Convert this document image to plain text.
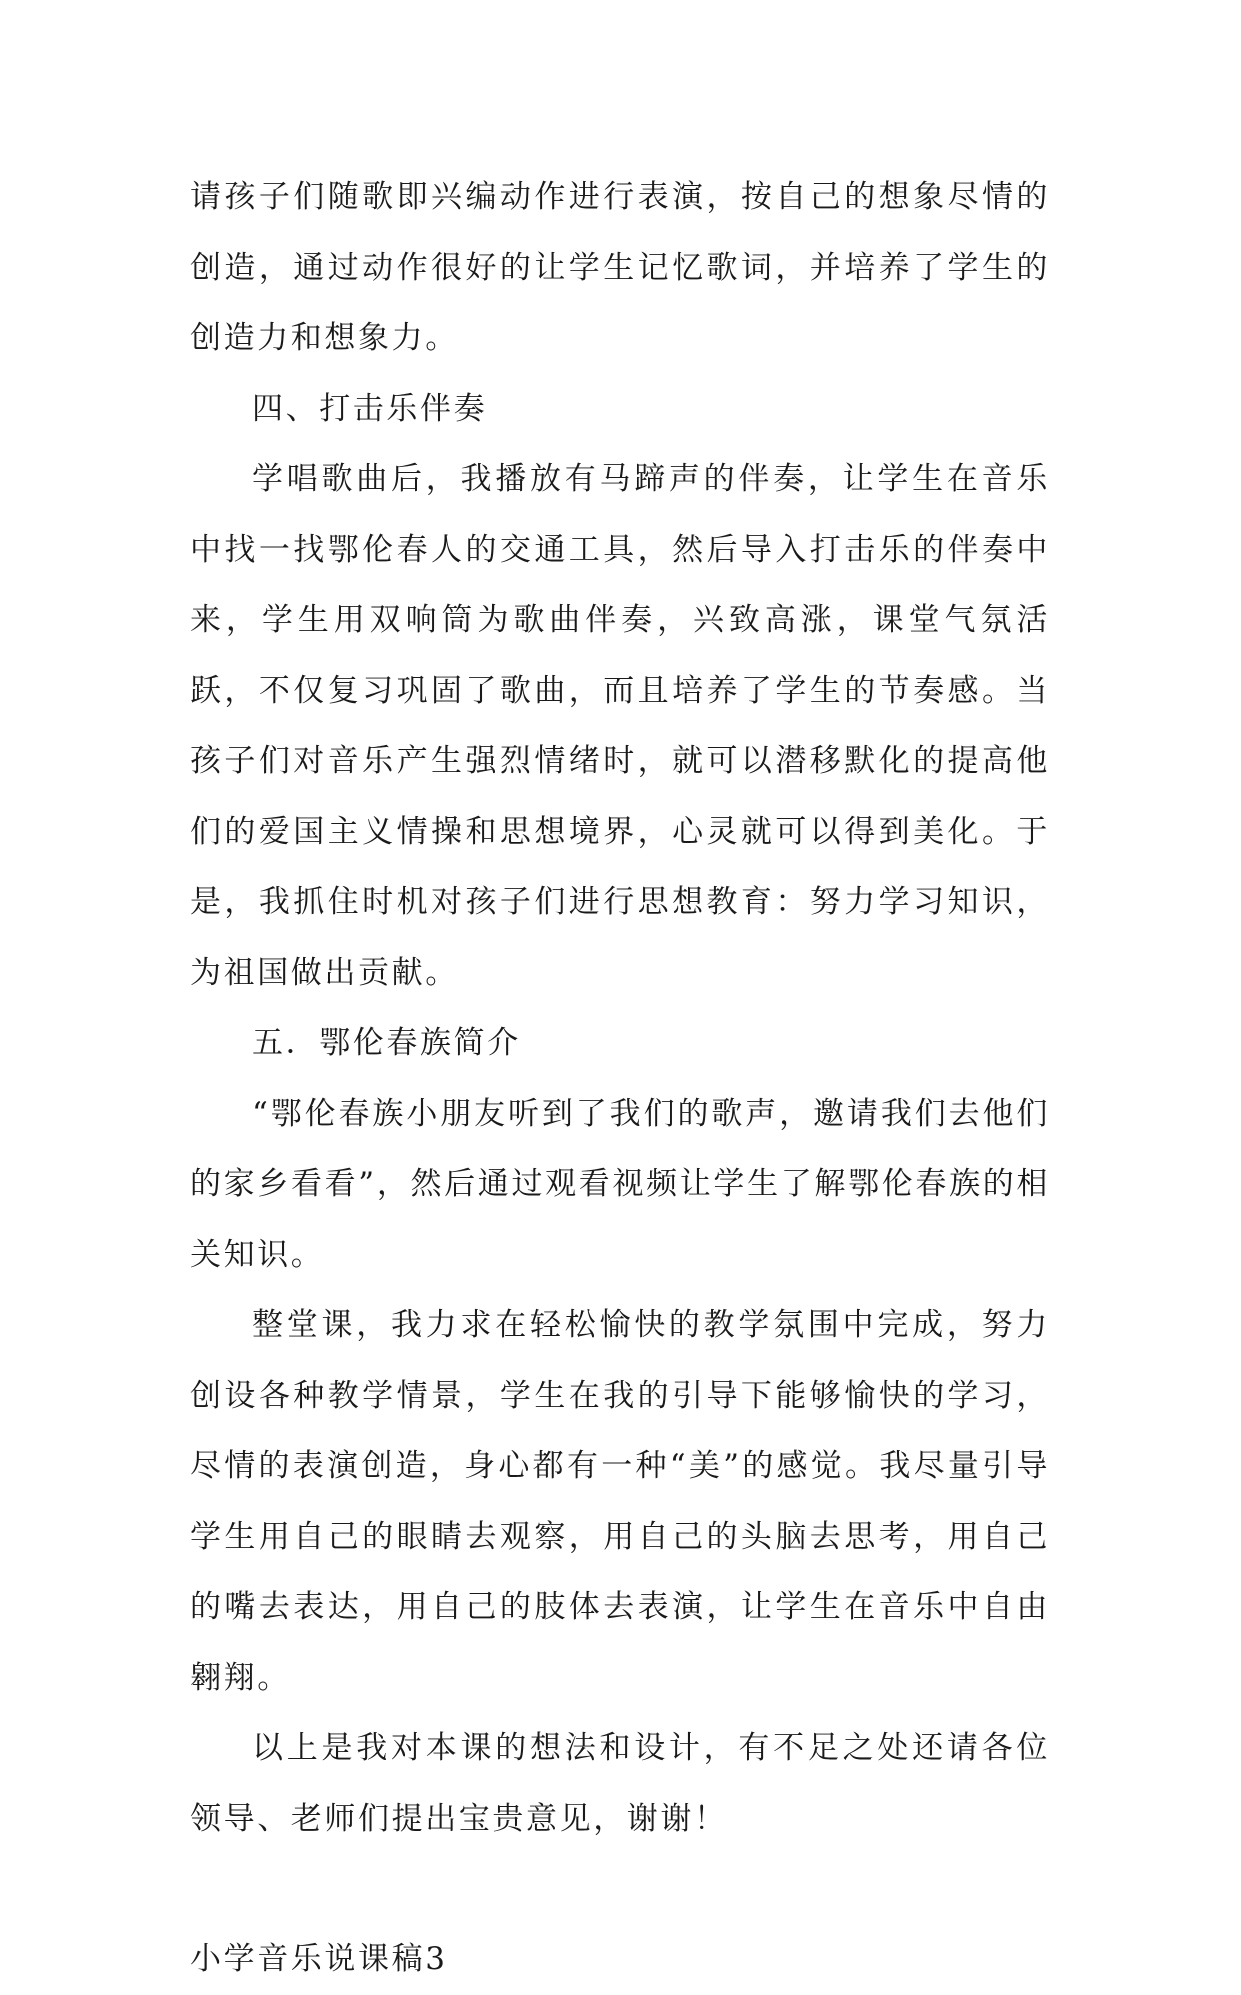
请孩子们随歌即兴编动作进行表演，按自己的想象尽情的创造，通过动作很好的让学生记忆歌词，并培养了学生的创造力和想象力。

四、打击乐伴奏

学唱歌曲后，我播放有马蹄声的伴奏，让学生在音乐中找一找鄂伦春人的交通工具，然后导入打击乐的伴奏中来，学生用双响筒为歌曲伴奏，兴致高涨，课堂气氛活跃，不仅复习巩固了歌曲，而且培养了学生的节奏感。当孩子们对音乐产生强烈情绪时，就可以潜移默化的提高他们的爱国主义情操和思想境界，心灵就可以得到美化。于是，我抓住时机对孩子们进行思想教育：努力学习知识，为祖国做出贡献。

五．鄂伦春族简介

“鄂伦春族小朋友听到了我们的歌声，邀请我们去他们的家乡看看”，然后通过观看视频让学生了解鄂伦春族的相关知识。

整堂课，我力求在轻松愉快的教学氛围中完成，努力创设各种教学情景，学生在我的引导下能够愉快的学习，尽情的表演创造，身心都有一种“美”的感觉。我尽量引导学生用自己的眼睛去观察，用自己的头脑去思考，用自己的嘴去表达，用自己的肢体去表演，让学生在音乐中自由翱翔。

以上是我对本课的想法和设计，有不足之处还请各位领导、老师们提出宝贵意见，谢谢！

小学音乐说课稿3
